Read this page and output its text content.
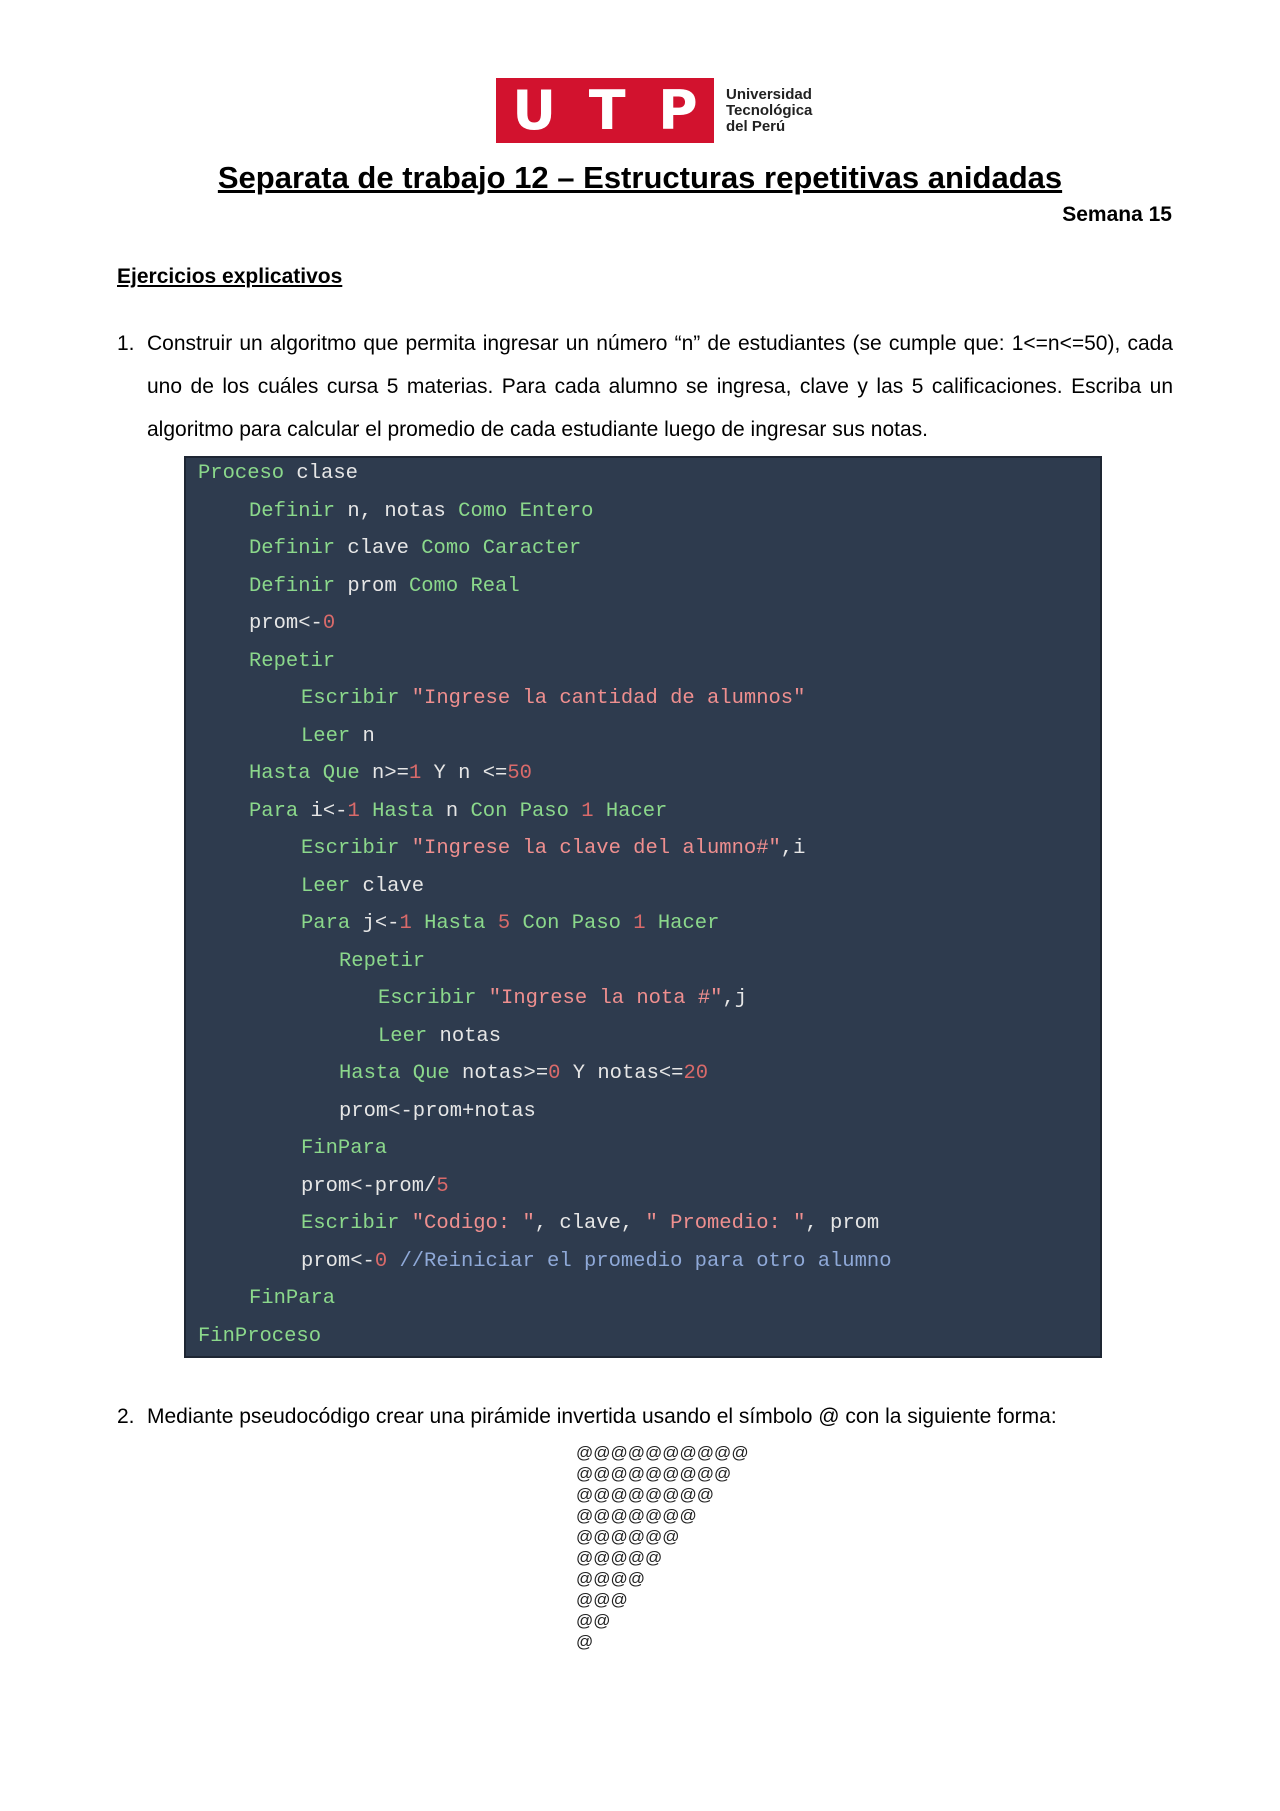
U T P Universidad
Tecnológica
del Perú
Separata de trabajo 12 – Estructuras repetitivas anidadas
Semana 15
Ejercicios explicativos
1. Construir un algoritmo que permita ingresar un número “n” de estudiantes (se cumple que: 1<=n<=50), cada uno de los cuáles cursa 5 materias. Para cada alumno se ingresa, clave y las 5 calificaciones. Escriba un algoritmo para calcular el promedio de cada estudiante luego de ingresar sus notas.
Proceso clase
Definir n, notas Como Entero
Definir clave Como Caracter
Definir prom Como Real
prom<-0
Repetir
Escribir "Ingrese la cantidad de alumnos"
Leer n
Hasta Que n>=1 Y n <=50
Para i<-1 Hasta n Con Paso 1 Hacer
Escribir "Ingrese la clave del alumno#",i
Leer clave
Para j<-1 Hasta 5 Con Paso 1 Hacer
Repetir
Escribir "Ingrese la nota #",j
Leer notas
Hasta Que notas>=0 Y notas<=20
prom<-prom+notas
FinPara
prom<-prom/5
Escribir "Codigo: ", clave, " Promedio: ", prom
prom<-0 //Reiniciar el promedio para otro alumno
FinPara
FinProceso
2. Mediante pseudocódigo crear una pirámide invertida usando el símbolo @ con la siguiente forma:
@@@@@@@@@@
@@@@@@@@@
@@@@@@@@
@@@@@@@
@@@@@@
@@@@@
@@@@
@@@
@@
@
